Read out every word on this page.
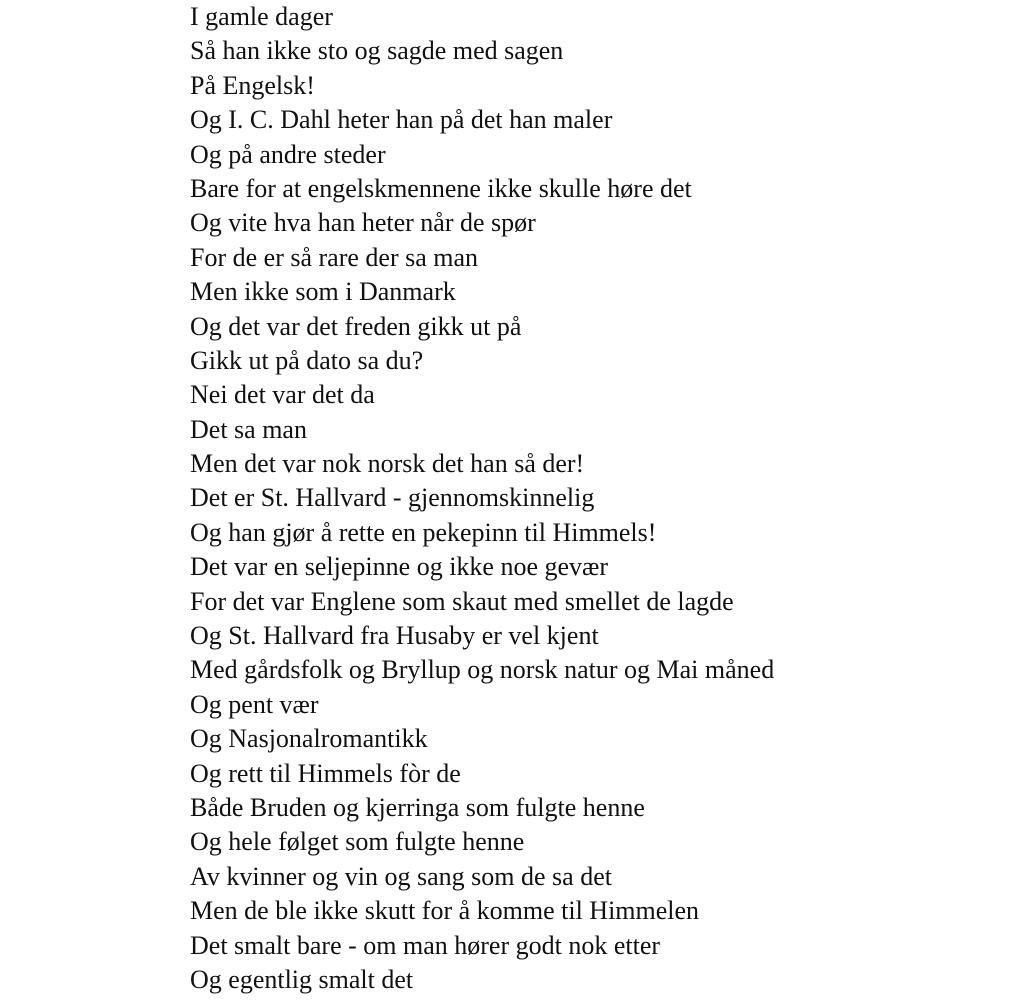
I gamle dager
Så han ikke sto og sagde med sagen
På Engelsk!
Og I. C. Dahl heter han på det han maler
Og på andre steder
Bare for at engelskmennene ikke skulle høre det
Og vite hva han heter når de spør
For de er så rare der sa man
Men ikke som i Danmark
Og det var det freden gikk ut på
Gikk ut på dato sa du?
Nei det var det da
Det sa man
Men det var nok norsk det han så der!
Det er St. Hallvard - gjennomskinnelig
Og han gjør å rette en pekepinn til Himmels!
Det var en seljepinne og ikke noe gevær
For det var Englene som skaut med smellet de lagde
Og St. Hallvard fra Husaby er vel kjent
Med gårdsfolk og Bryllup og norsk natur og Mai måned
Og pent vær
Og Nasjonalromantikk
Og rett til Himmels fòr de
Både Bruden og kjerringa som fulgte henne
Og hele følget som fulgte henne
Av kvinner og vin og sang som de sa det
Men de ble ikke skutt for å komme til Himmelen
Det smalt bare - om man hører godt nok etter
Og egentlig smalt det
